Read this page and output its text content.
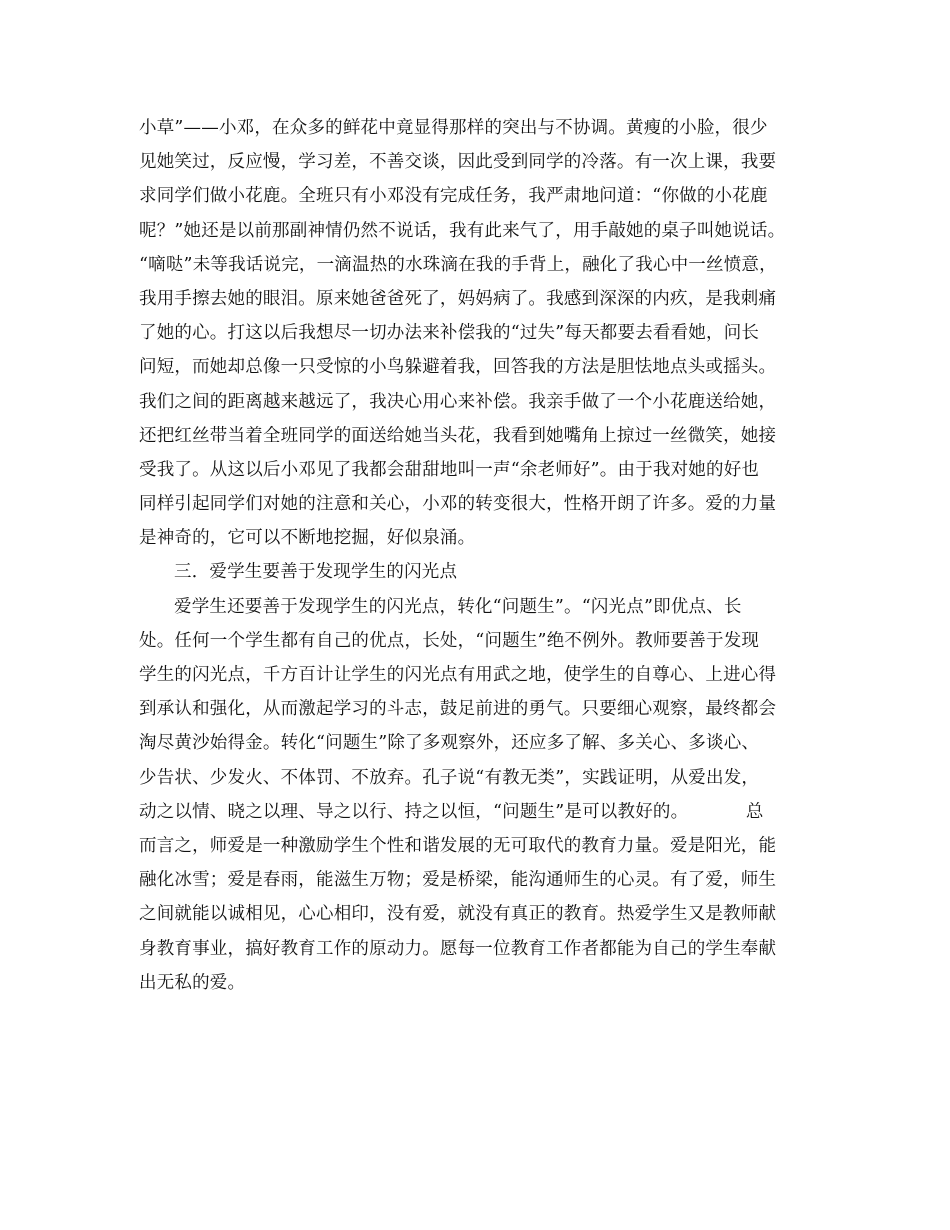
小草”——小邓，在众多的鲜花中竟显得那样的突出与不协调。黄瘦的小脸，很少
见她笑过，反应慢，学习差，不善交谈，因此受到同学的冷落。有一次上课，我要
求同学们做小花鹿。全班只有小邓没有完成任务，我严肃地问道：“你做的小花鹿
呢？”她还是以前那副神情仍然不说话，我有此来气了，用手敲她的桌子叫她说话。
“嘀哒”未等我话说完，一滴温热的水珠滴在我的手背上，融化了我心中一丝愤意，
我用手擦去她的眼泪。原来她爸爸死了，妈妈病了。我感到深深的内疚，是我刺痛
了她的心。打这以后我想尽一切办法来补偿我的“过失”每天都要去看看她，问长
问短，而她却总像一只受惊的小鸟躲避着我，回答我的方法是胆怯地点头或摇头。
我们之间的距离越来越远了，我决心用心来补偿。我亲手做了一个小花鹿送给她，
还把红丝带当着全班同学的面送给她当头花，我看到她嘴角上掠过一丝微笑，她接
受我了。从这以后小邓见了我都会甜甜地叫一声“余老师好”。由于我对她的好也
同样引起同学们对她的注意和关心，小邓的转变很大，性格开朗了许多。爱的力量
是神奇的，它可以不断地挖掘，好似泉涌。
三．爱学生要善于发现学生的闪光点
爱学生还要善于发现学生的闪光点，转化“问题生”。“闪光点”即优点、长
处。任何一个学生都有自己的优点，长处，“问题生”绝不例外。教师要善于发现
学生的闪光点，千方百计让学生的闪光点有用武之地，使学生的自尊心、上进心得
到承认和强化，从而激起学习的斗志，鼓足前进的勇气。只要细心观察，最终都会
淘尽黄沙始得金。转化“问题生”除了多观察外，还应多了解、多关心、多谈心、
少告状、少发火、不体罚、不放弃。孔子说“有教无类”，实践证明，从爱出发，
动之以情、晓之以理、导之以行、持之以恒，“问题生”是可以教好的。          总
而言之，师爱是一种激励学生个性和谐发展的无可取代的教育力量。爱是阳光，能
融化冰雪；爱是春雨，能滋生万物；爱是桥梁，能沟通师生的心灵。有了爱，师生
之间就能以诚相见，心心相印，没有爱，就没有真正的教育。热爱学生又是教师献
身教育事业，搞好教育工作的原动力。愿每一位教育工作者都能为自己的学生奉献
出无私的爱。
